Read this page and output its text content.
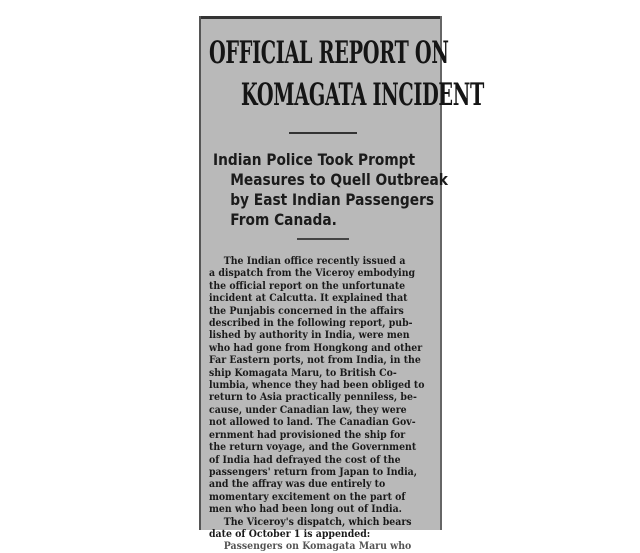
OFFICIAL REPORT ON
KOMAGATA INCIDENT
Indian Police Took Prompt
Measures to Quell Outbreak
by East Indian Passengers
From Canada.
The Indian office recently issued a
a dispatch from the Viceroy embodying
the official report on the unfortunate
incident at Calcutta. It explained that
the Punjabis concerned in the affairs
described in the following report, pub-
lished by authority in India, were men
who had gone from Hongkong and other
Far Eastern ports, not from India, in the
ship Komagata Maru, to British Co-
lumbia, whence they had been obliged to
return to Asia practically penniless, be-
cause, under Canadian law, they were
not allowed to land. The Canadian Gov-
ernment had provisioned the ship for
the return voyage, and the Government
of India had defrayed the cost of the
passengers' return from Japan to India,
and the affray was due entirely to
momentary excitement on the part of
men who had been long out of India.
The Viceroy's dispatch, which bears
date of October 1 is appended:
Passengers on Komagata Maru who
